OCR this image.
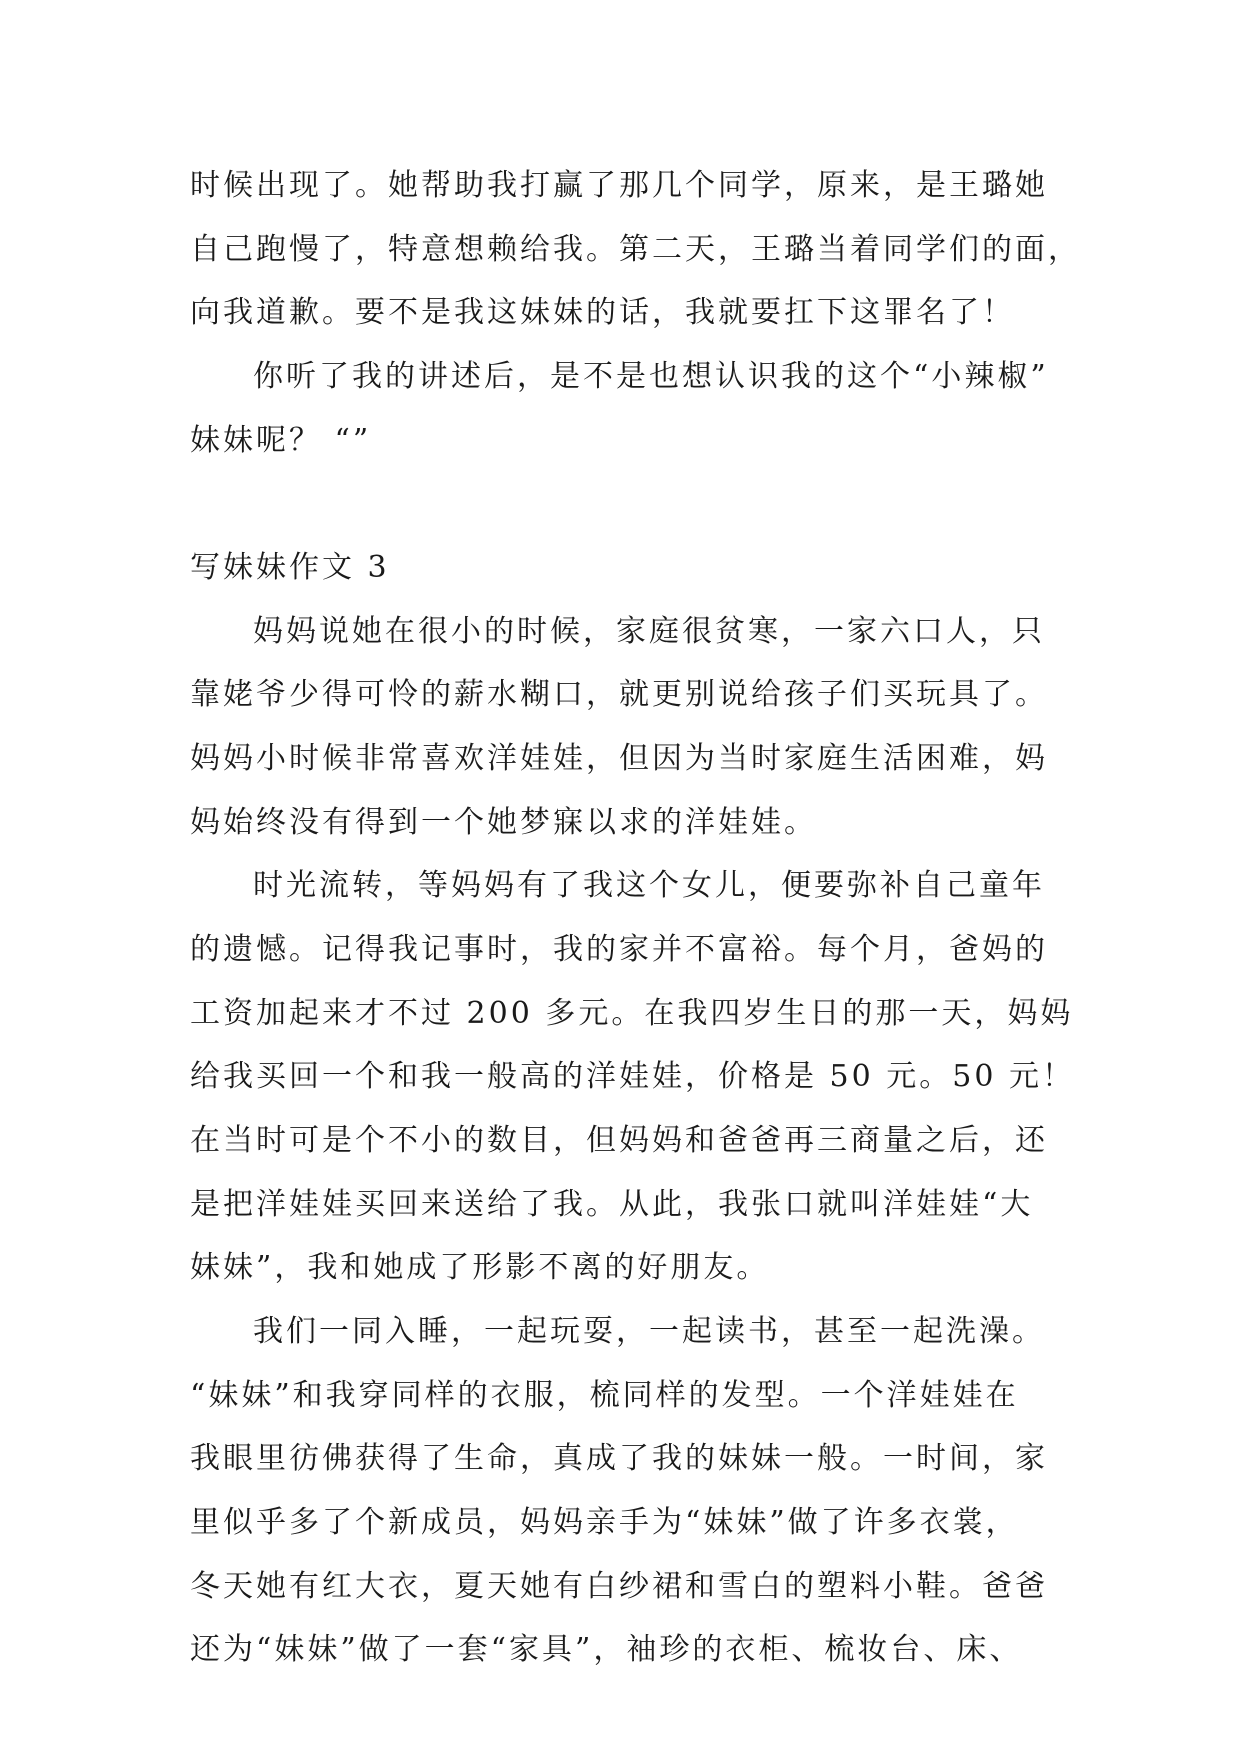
时候出现了。她帮助我打赢了那几个同学，原来，是王璐她
自己跑慢了，特意想赖给我。第二天，王璐当着同学们的面，
向我道歉。要不是我这妹妹的话，我就要扛下这罪名了！
你听了我的讲述后，是不是也想认识我的这个“小辣椒”
妹妹呢？ “”
写妹妹作文 3
妈妈说她在很小的时候，家庭很贫寒，一家六口人，只
靠姥爷少得可怜的薪水糊口，就更别说给孩子们买玩具了。
妈妈小时候非常喜欢洋娃娃，但因为当时家庭生活困难，妈
妈始终没有得到一个她梦寐以求的洋娃娃。
时光流转，等妈妈有了我这个女儿，便要弥补自己童年
的遗憾。记得我记事时，我的家并不富裕。每个月，爸妈的
工资加起来才不过 200 多元。在我四岁生日的那一天，妈妈
给我买回一个和我一般高的洋娃娃，价格是 50 元。50 元！
在当时可是个不小的数目，但妈妈和爸爸再三商量之后，还
是把洋娃娃买回来送给了我。从此，我张口就叫洋娃娃“大
妹妹”，我和她成了形影不离的好朋友。
我们一同入睡，一起玩耍，一起读书，甚至一起洗澡。
“妹妹”和我穿同样的衣服，梳同样的发型。一个洋娃娃在
我眼里彷佛获得了生命，真成了我的妹妹一般。一时间，家
里似乎多了个新成员，妈妈亲手为“妹妹”做了许多衣裳，
冬天她有红大衣，夏天她有白纱裙和雪白的塑料小鞋。爸爸
还为“妹妹”做了一套“家具”，袖珍的衣柜、梳妆台、床、
